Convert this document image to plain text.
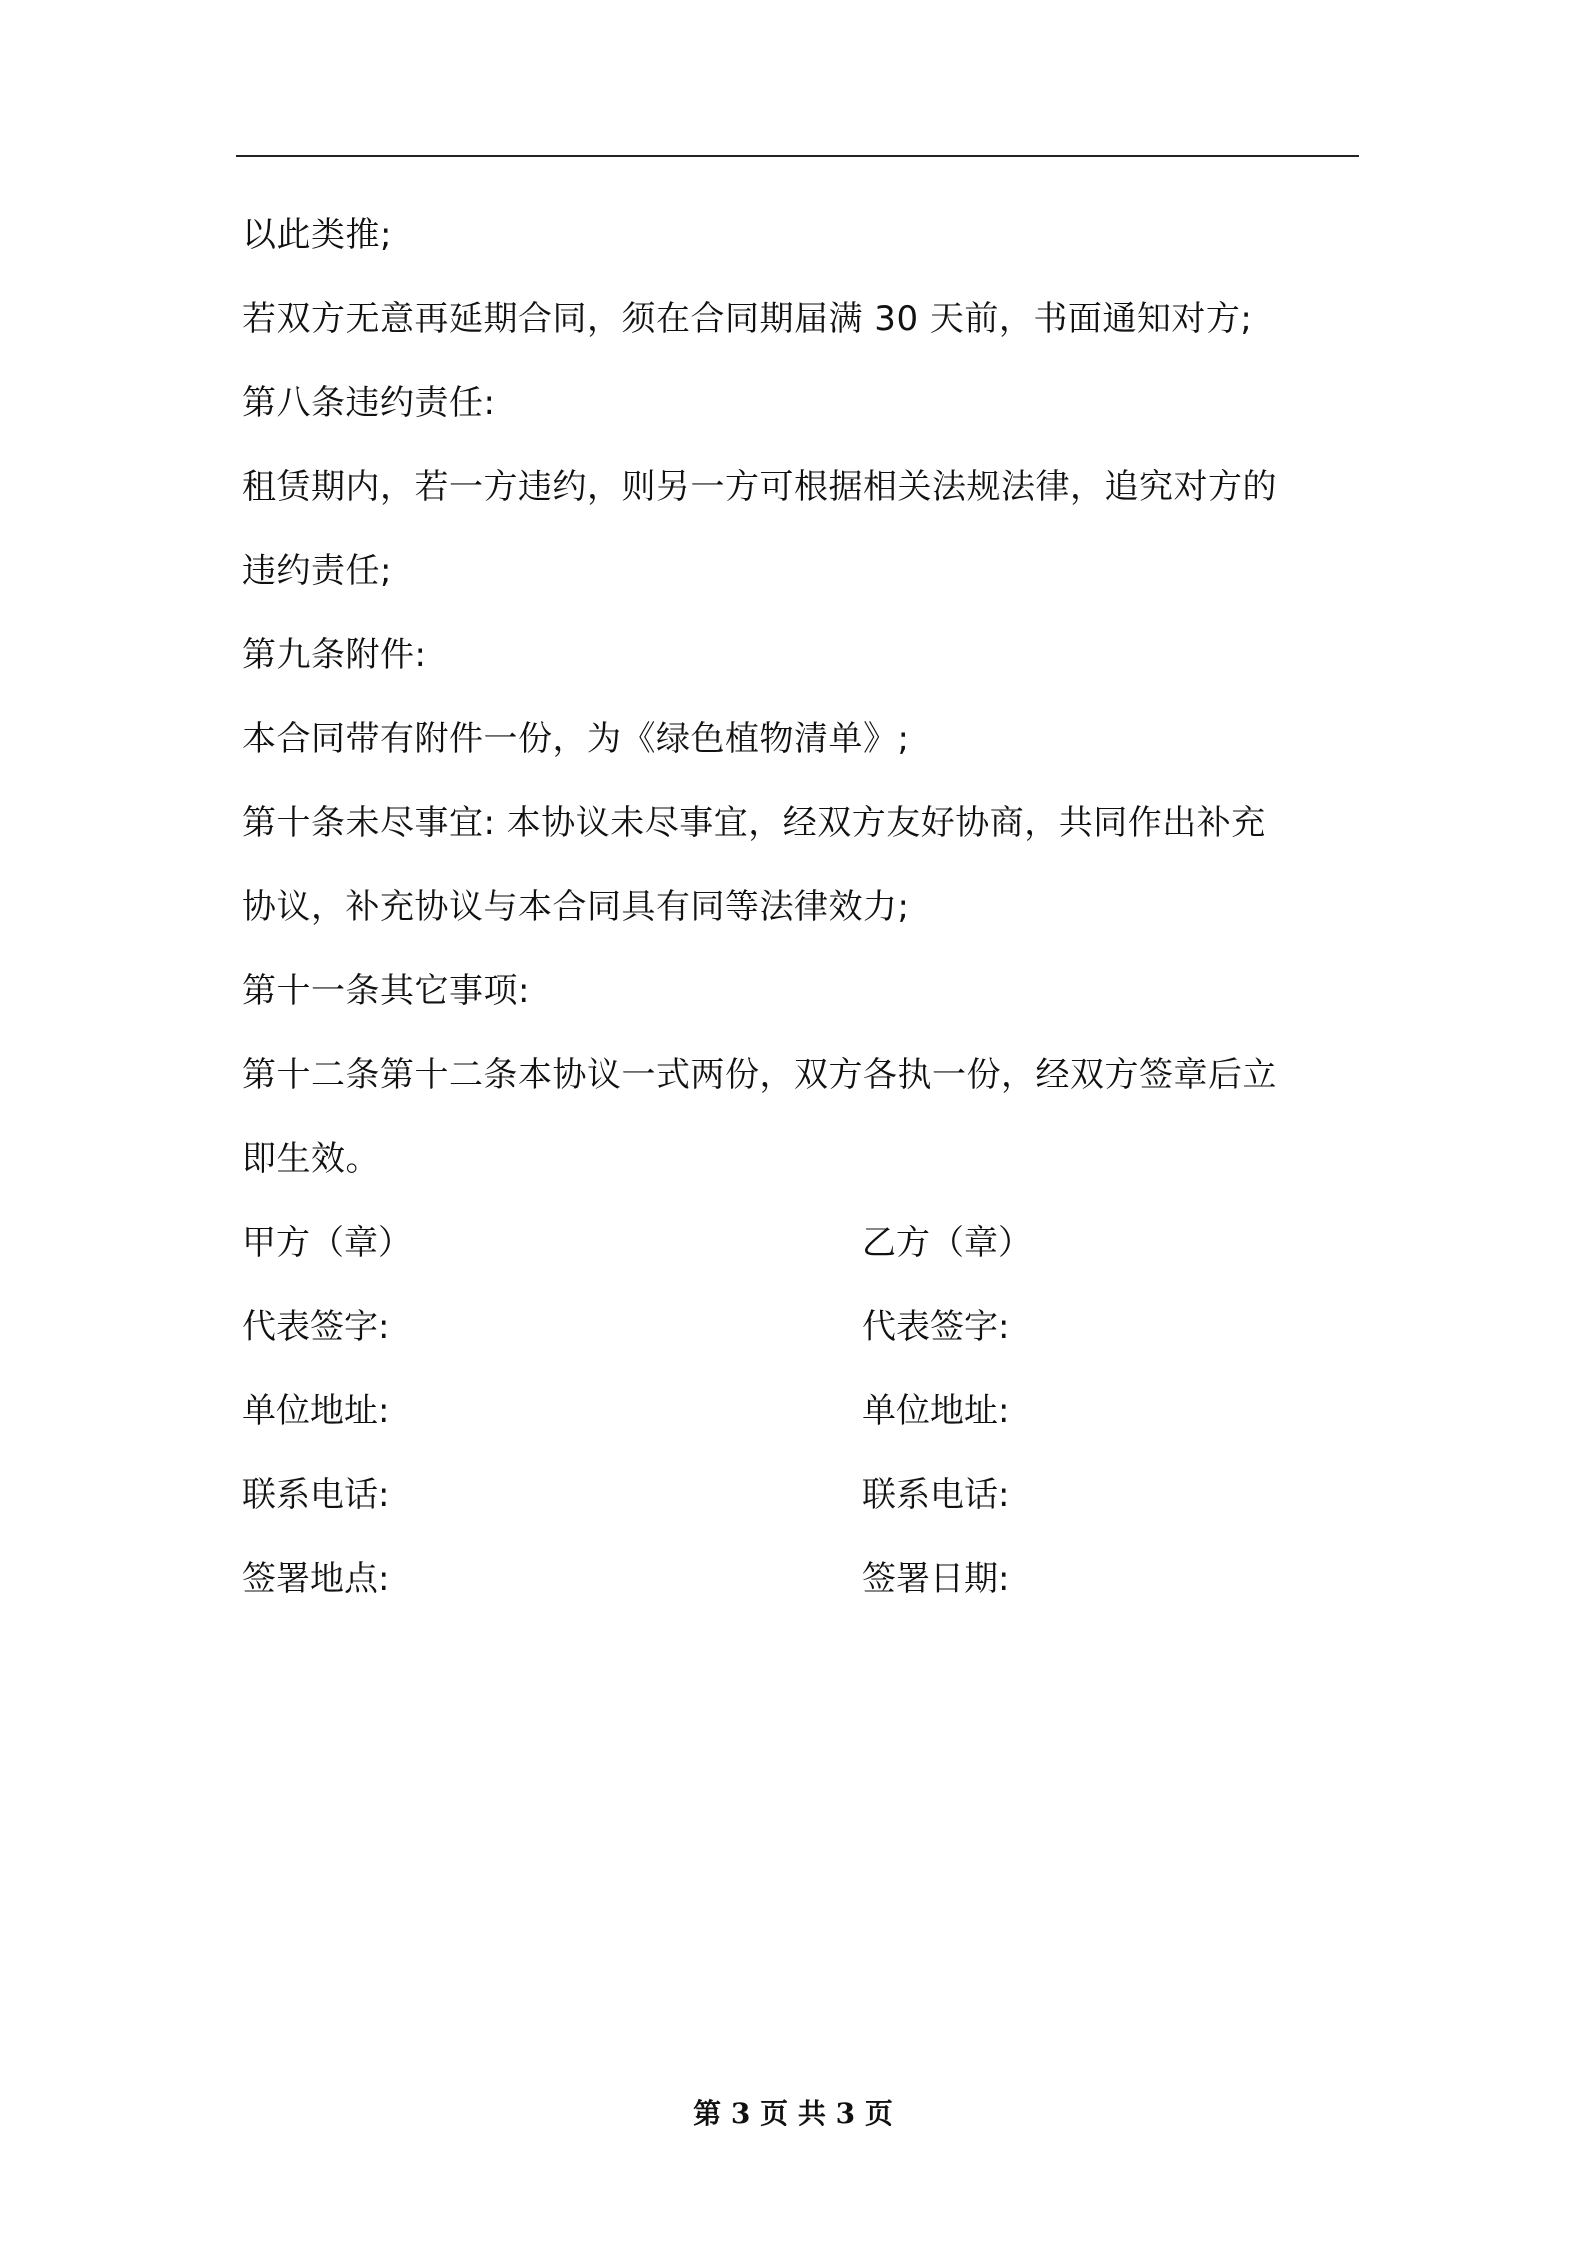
以此类推;
若双方无意再延期合同，须在合同期届满 30 天前，书面通知对方;
第八条违约责任:
租赁期内，若一方违约，则另一方可根据相关法规法律，追究对方的
违约责任;
第九条附件:
本合同带有附件一份，为《绿色植物清单》;
第十条未尽事宜: 本协议未尽事宜，经双方友好协商，共同作出补充
协议，补充协议与本合同具有同等法律效力;
第十一条其它事项:
第十二条第十二条本协议一式两份，双方各执一份，经双方签章后立
即生效。
甲方（章）	乙方（章）
代表签字:	代表签字:
单位地址:	单位地址:
联系电话:	联系电话:
签署地点:	签署日期:
第 3 页 共 3 页
